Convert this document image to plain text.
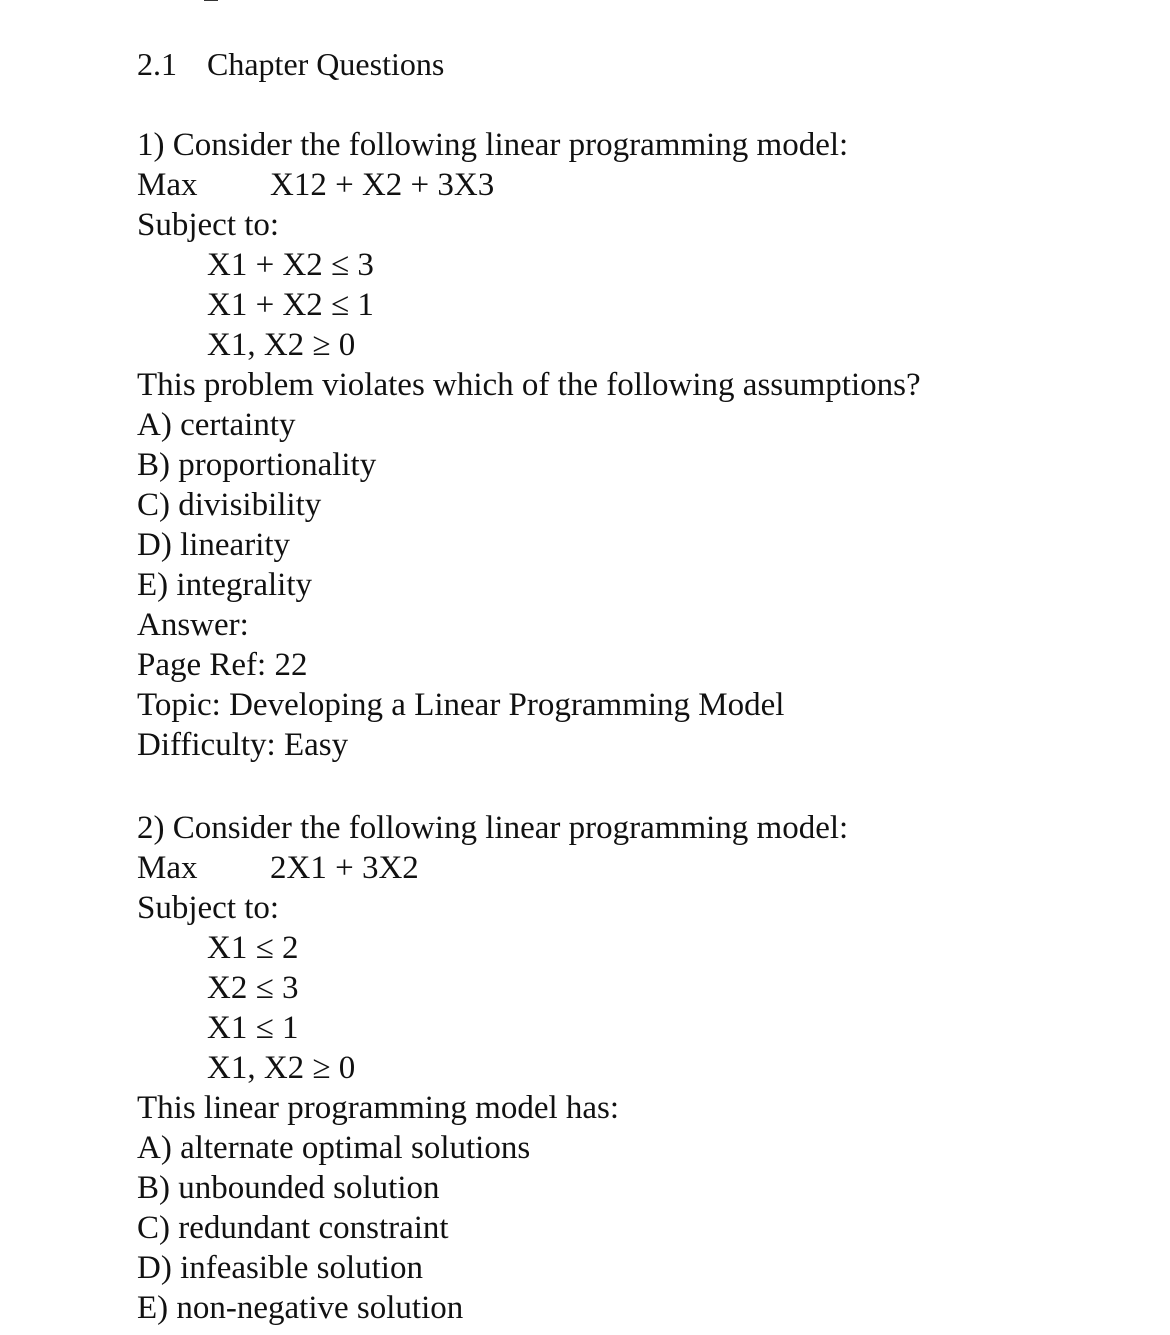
2.1 Chapter Questions
1) Consider the following linear programming model:
Max X12 + X2 + 3X3
Subject to:
X1 + X2 ≤ 3
X1 + X2 ≤ 1
X1, X2 ≥ 0
This problem violates which of the following assumptions?
A) certainty
B) proportionality
C) divisibility
D) linearity
E) integrality
Answer:
Page Ref: 22
Topic: Developing a Linear Programming Model
Difficulty: Easy
2) Consider the following linear programming model:
Max 2X1 + 3X2
Subject to:
X1 ≤ 2
X2 ≤ 3
X1 ≤ 1
X1, X2 ≥ 0
This linear programming model has:
A) alternate optimal solutions
B) unbounded solution
C) redundant constraint
D) infeasible solution
E) non-negative solution
